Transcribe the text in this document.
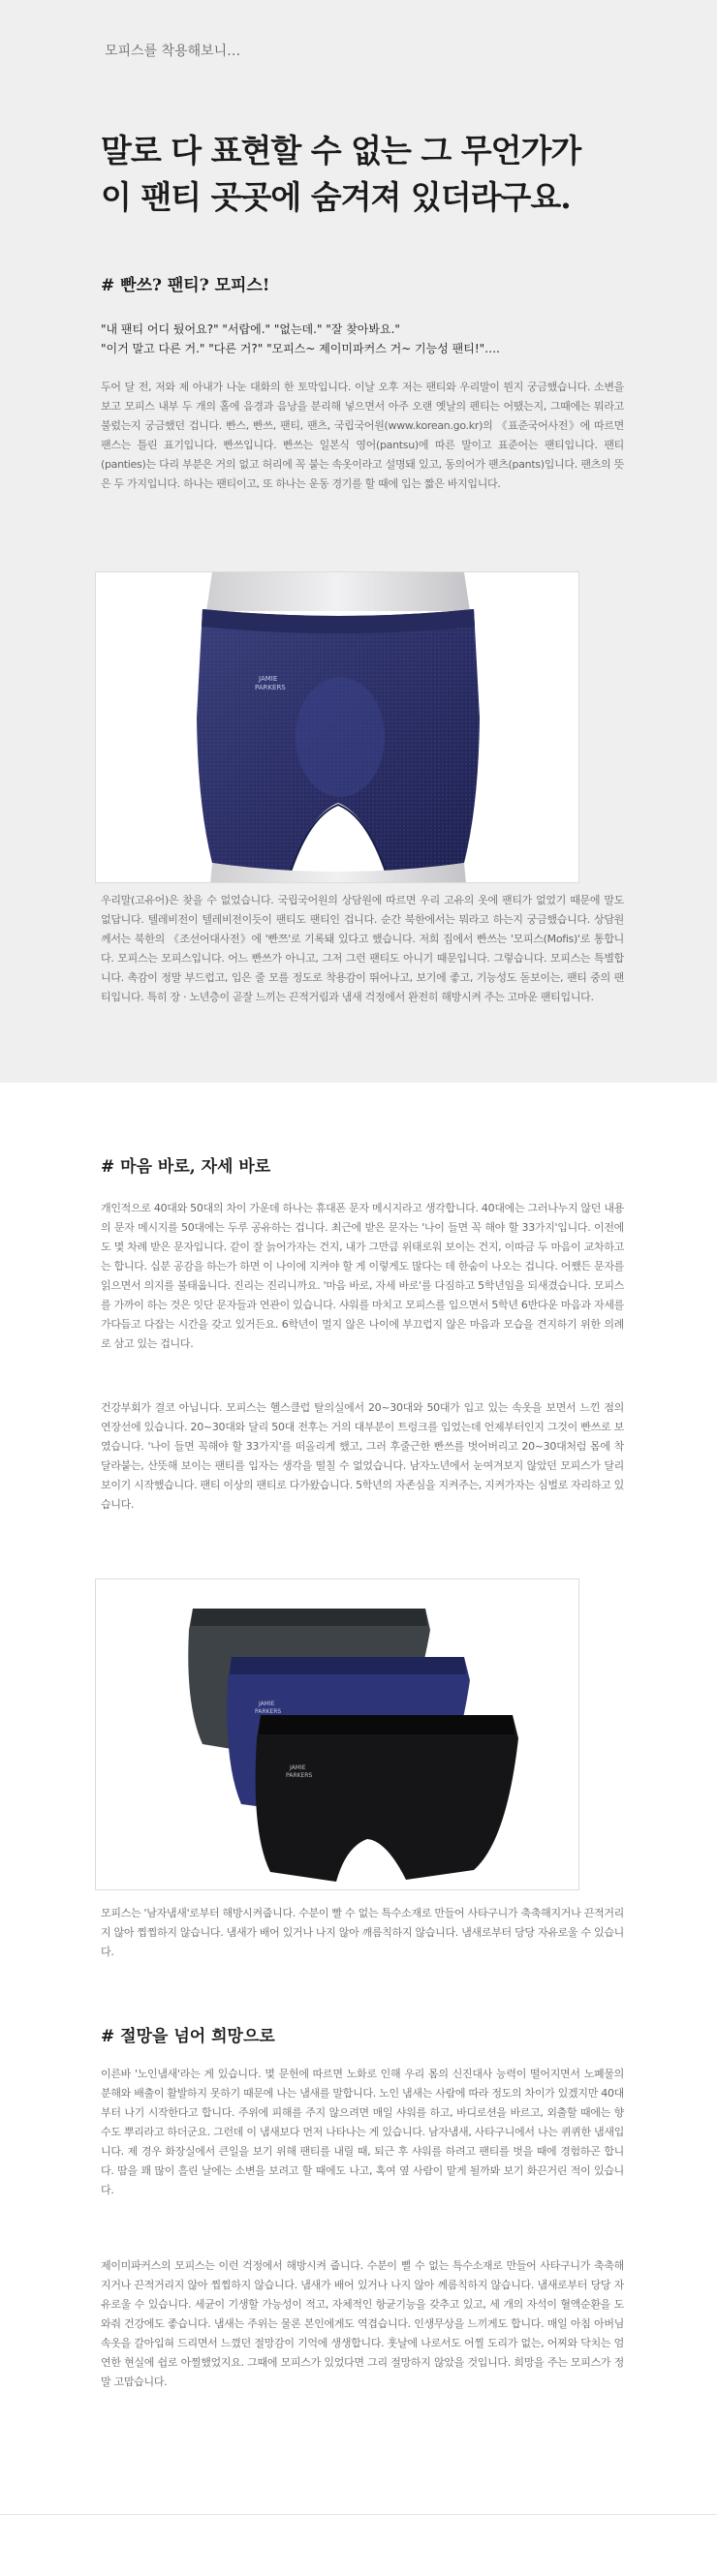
모피스를 착용해보니…
말로 다 표현할 수 없는 그 무언가가
이 팬티 곳곳에 숨겨져 있더라구요.
# 빤쓰? 팬티? 모피스!
"내 팬티 어디 뒀어요?" "서랍에." "없는데." "잘 찾아봐요."
"이거 말고 다른 거." "다른 거?" "모피스~ 제이미파커스 거~ 기능성 팬티!"….
두어 달 전, 저와 제 아내가 나눈 대화의 한 토막입니다. 이날 오후 저는 팬티와 우리말이 뭔지 궁금했습니다. 소변을 보고 모피스 내부 두 개의 홀에 음경과 음낭을 분리해 넣으면서 아주 오랜 옛날의 펜티는 어땠는지, 그때에는 뭐라고 불렀는지 궁금했던 겁니다. 빤스, 빤쓰, 팬티, 팬츠, 국립국어원(www.korean.go.kr)의 《표준국어사전》에 따르면 팬스는 틀린 표기입니다. 빤쓰입니다. 빤쓰는 일본식 영어(pantsu)에 따른 말이고 표준어는 팬티입니다. 팬티(panties)는 다리 부분은 거의 없고 허리에 꼭 붙는 속옷이라고 설명돼 있고, 동의어가 팬츠(pants)입니다. 팬츠의 뜻은 두 가지입니다. 하나는 팬티이고, 또 하나는 운동 경기를 할 때에 입는 짧은 바지입니다.
JAMIE
PARKERS
우리말(고유어)은 찾을 수 없었습니다. 국립국어원의 상담원에 따르면 우리 고유의 옷에 팬티가 없었기 때문에 말도 없답니다. 텔레비전이 텔레비전이듯이 팬티도 팬티인 겁니다. 순간 북한에서는 뭐라고 하는지 궁금했습니다. 상담원께서는 북한의 《조선어대사전》에 '빤쯔'로 기록돼 있다고 했습니다. 저희 집에서 빤쓰는 '모피스(Mofis)'로 통합니다. 모피스는 모피스입니다. 어느 빤쓰가 아니고, 그저 그런 팬티도 아니기 때문입니다. 그렇습니다. 모피스는 특별합니다. 촉감이 정말 부드럽고, 입은 줄 모를 정도로 착용감이 뛰어나고, 보기에 좋고, 기능성도 돋보이는, 팬티 중의 팬티입니다. 특히 장 · 노년층이 곧잘 느끼는 끈적거림과 냄새 걱정에서 완전히 해방시켜 주는 고마운 팬티입니다.
# 마음 바로, 자세 바로
개인적으로 40대와 50대의 차이 가운데 하나는 휴대폰 문자 메시지라고 생각합니다. 40대에는 그러나누지 않던 내용의 문자 메시지를 50대에는 두루 공유하는 겁니다. 최근에 받은 문자는 '나이 들면 꼭 해야 할 33가지'입니다. 이전에도 몇 차례 받은 문자입니다. 같이 잘 늙어가자는 건지, 내가 그만큼 위태로워 보이는 건지, 이따금 두 마음이 교차하고는 합니다. 십분 공감을 하는가 하면 이 나이에 지켜야 할 게 이렇게도 많다는 데 한숨이 나오는 겁니다. 어쨌든 문자를 읽으면서 의지를 불태웁니다. 진리는 진리니까요. '마음 바로, 자세 바로'를 다짐하고 5학년임을 되새겼습니다. 모피스를 가까이 하는 것은 잇단 문자들과 연관이 있습니다. 샤워를 마치고 모피스를 입으면서 5학년 6반다운 마음과 자세를 가다듬고 다잡는 시간을 갖고 있거든요. 6학년이 멀지 않은 나이에 부끄럽지 않은 마음과 모습을 견지하기 위한 의례로 삼고 있는 겁니다.
건강부회가 결코 아닙니다. 모피스는 헬스클럽 탈의실에서 20~30대와 50대가 입고 있는 속옷을 보면서 느낀 점의 연장선에 있습니다. 20~30대와 달리 50대 전후는 거의 대부분이 트렁크를 입었는데 언제부터인지 그것이 빤쓰로 보였습니다. '나이 들면 꼭해야 할 33가지'를 떠올리게 했고, 그러 후줄근한 빤쓰를 벗어버리고 20~30대처럼 몸에 착 달라붙는, 산뜻해 보이는 팬티를 입자는 생각을 떨칠 수 없었습니다. 남자노년에서 눈여겨보지 않았던 모피스가 달리 보이기 시작했습니다. 팬티 이상의 팬티로 다가왔습니다. 5학년의 자존심을 지켜주는, 지켜가자는 심벌로 자리하고 있습니다.
JAMIE
PARKERS
JAMIE
PARKERS
모피스는 '남자냄새'로부터 해방시켜줍니다. 수분이 빨 수 없는 특수소재로 만들어 사타구니가 축축해지거나 끈적거리지 않아 찝찝하지 않습니다. 냄새가 배어 있거나 나지 않아 깨름칙하지 않습니다. 냄새로부터 당당 자유로울 수 있습니다.
# 절망을 넘어 희망으로
이른바 '노인냄새'라는 게 있습니다. 몇 문헌에 따르면 노화로 인해 우리 몸의 신진대사 능력이 떨어지면서 노폐물의 분해와 배출이 활발하지 못하기 때문에 나는 냄새를 말합니다. 노인 냄새는 사람에 따라 정도의 차이가 있겠지만 40대부터 나기 시작한다고 합니다. 주위에 피해를 주지 않으려면 매일 샤워를 하고, 바디로션을 바르고, 외출할 때에는 향수도 뿌리라고 하더군요. 그런데 이 냄새보다 먼저 나타나는 게 있습니다. 남자냄새, 사타구니에서 나는 퀴퀴한 냄새입니다. 제 경우 화장실에서 큰일을 보기 위해 팬티를 내릴 때, 퇴근 후 샤워를 하려고 팬티를 벗을 때에 경험하곤 합니다. 땀을 꽤 많이 흘린 날에는 소변을 보려고 할 때에도 나고, 혹여 옆 사람이 맡게 될까봐 보기 화끈거린 적이 있습니다.
제이미파커스의 모피스는 이런 걱정에서 해방시켜 줍니다. 수분이 뻘 수 없는 특수소재로 만들어 사타구니가 축축해지거나 끈적거리지 않아 찝찝하지 않습니다. 냄새가 배어 있거나 나지 않아 께름칙하지 않습니다. 냄새로부터 당당 자유로울 수 있습니다. 세균이 기생할 가능성이 적고, 자체적인 항균기능을 갖추고 있고, 세 개의 자석이 혈액순환을 도와줘 건강에도 좋습니다. 냄새는 주위는 물론 본인에게도 역겹습니다. 인생무상을 느끼게도 합니다. 매일 아침 아버님 속옷을 갈아입혀 드리면서 느꼈던 절망감이 기억에 생생합니다. 훗날에 나로서도 어찔 도리가 없는, 어찌와 닥치는 엄연한 현실에 쉽로 아찔했었지요. 그때에 모피스가 있었다면 그리 절망하지 않았을 것입니다. 희망을 주는 모피스가 정말 고맙습니다.
